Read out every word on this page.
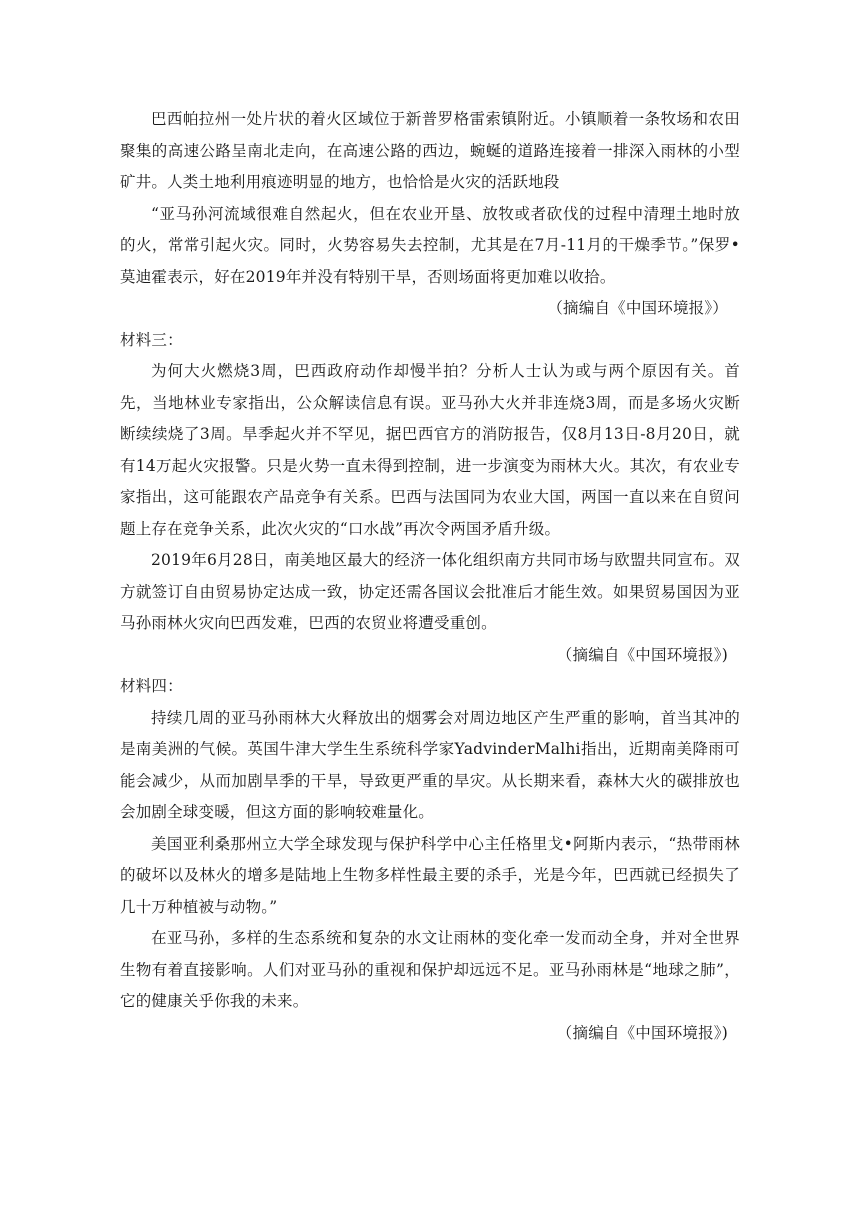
巴西帕拉州一处片状的着火区域位于新普罗格雷索镇附近。小镇顺着一条牧场和农田聚集的高速公路呈南北走向，在高速公路的西边，蜿蜒的道路连接着一排深入雨林的小型矿井。人类土地利用痕迹明显的地方，也恰恰是火灾的活跃地段

“亚马孙河流域很难自然起火，但在农业开垦、放牧或者砍伐的过程中清理土地时放的火，常常引起火灾。同时，火势容易失去控制，尤其是在7月-11月的干燥季节。”保罗•莫迪霍表示，好在2019年并没有特别干旱，否则场面将更加难以收拾。

（摘编自《中国环境报》）

材料三：

为何大火燃烧3周，巴西政府动作却慢半拍？分析人士认为或与两个原因有关。首先，当地林业专家指出，公众解读信息有误。亚马孙大火并非连烧3周，而是多场火灾断断续续烧了3周。旱季起火并不罕见，据巴西官方的消防报告，仅8月13日-8月20日，就有14万起火灾报警。只是火势一直未得到控制，进一步演变为雨林大火。其次，有农业专家指出，这可能跟农产品竞争有关系。巴西与法国同为农业大国，两国一直以来在自贸问题上存在竞争关系，此次火灾的“口水战”再次令两国矛盾升级。

2019年6月28日，南美地区最大的经济一体化组织南方共同市场与欧盟共同宣布。双方就签订自由贸易协定达成一致，协定还需各国议会批准后才能生效。如果贸易国因为亚马孙雨林火灾向巴西发难，巴西的农贸业将遭受重创。

（摘编自《中国环境报》)

材料四：

持续几周的亚马孙雨林大火释放出的烟雾会对周边地区产生严重的影响，首当其冲的是南美洲的气候。英国牛津大学生生系统科学家YadvinderMalhi指出，近期南美降雨可能会减少，从而加剧旱季的干旱，导致更严重的旱灾。从长期来看，森林大火的碳排放也会加剧全球变暖，但这方面的影响较难量化。

美国亚利桑那州立大学全球发现与保护科学中心主任格里戈•阿斯内表示，“热带雨林的破坏以及林火的增多是陆地上生物多样性最主要的杀手，光是今年，巴西就已经损失了几十万种植被与动物。”

在亚马孙，多样的生态系统和复杂的水文让雨林的变化牵一发而动全身，并对全世界生物有着直接影响。人们对亚马孙的重视和保护却远远不足。亚马孙雨林是“地球之肺”，它的健康关乎你我的未来。

（摘编自《中国环境报》)
